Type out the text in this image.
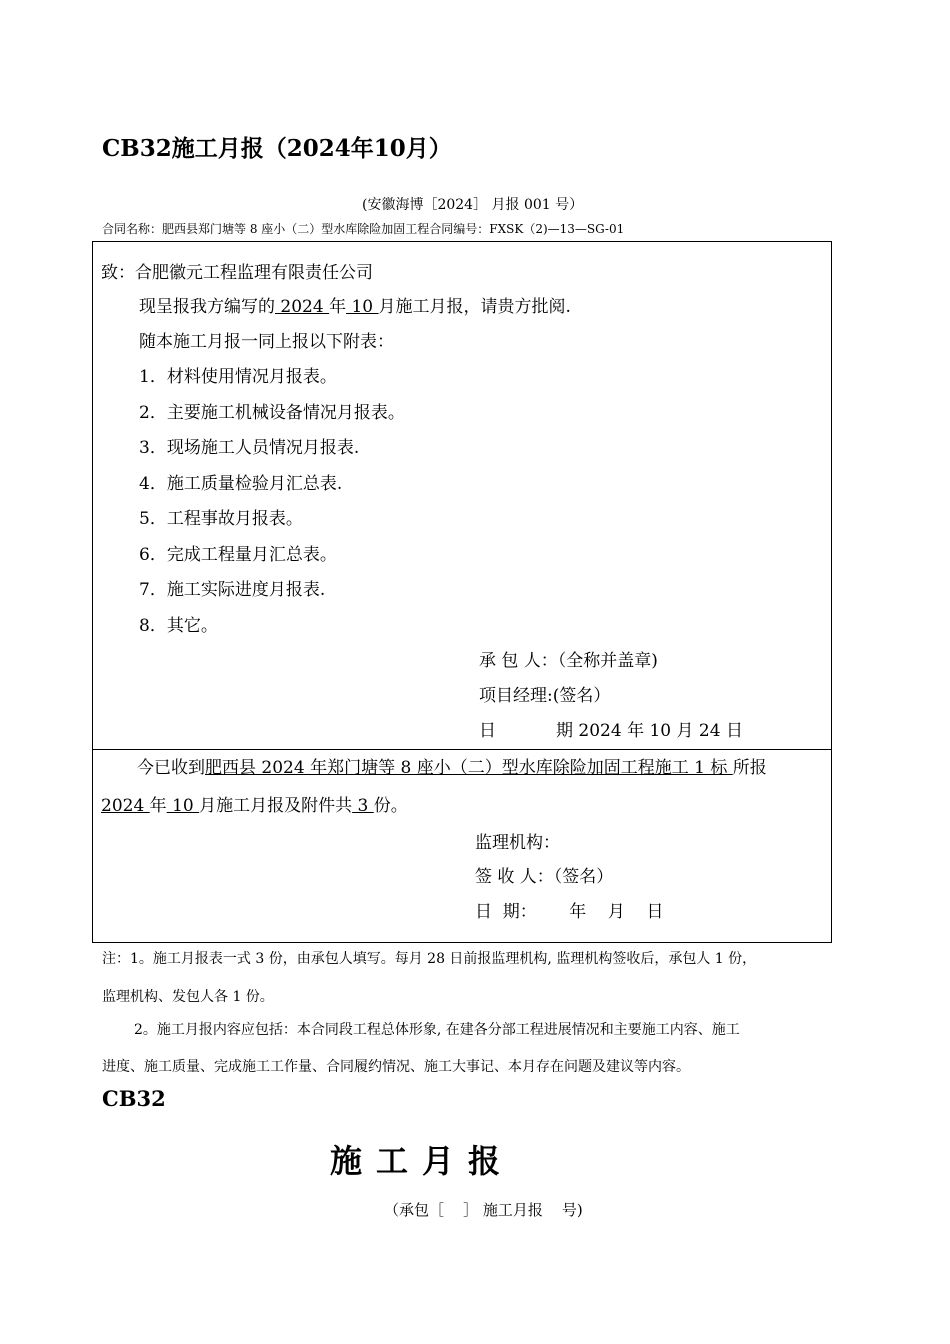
CB32施工月报（2024年10月）
(安徽海博［2024］ 月报 001 号）
合同名称：肥西县郑门塘等 8 座小（二）型水库除险加固工程合同编号：FXSK（2)—13—SG-01
致：合肥徽元工程监理有限责任公司
现呈报我方编写的 2024 年 10 月施工月报，请贵方批阅.
随本施工月报一同上报以下附表：
1．材料使用情况月报表。
2．主要施工机械设备情况月报表。
3．现场施工人员情况月报表.
4．施工质量检验月汇总表.
5．工程事故月报表。
6．完成工程量月汇总表。
7．施工实际进度月报表.
8．其它。
承 包 人：（全称并盖章)
项目经理:(签名）
日	期 2024 年 10 月 24 日
今已收到肥西县 2024 年郑门塘等 8 座小（二）型水库除险加固工程施工 1 标 所报
2024 年 10 月施工月报及附件共 3 份。
监理机构：
签 收 人：（签名）
日  期：      年    月    日
注：1。施工月报表一式 3 份，由承包人填写。每月 28 日前报监理机构, 监理机构签收后，承包人 1 份，
监理机构、发包人各 1 份。
2。施工月报内容应包括：本合同段工程总体形象, 在建各分部工程进展情况和主要施工内容、施工
进度、施工质量、完成施工工作量、合同履约情况、施工大事记、本月存在问题及建议等内容。
CB32
施工月报
（承包［    ］ 施工月报    号)
